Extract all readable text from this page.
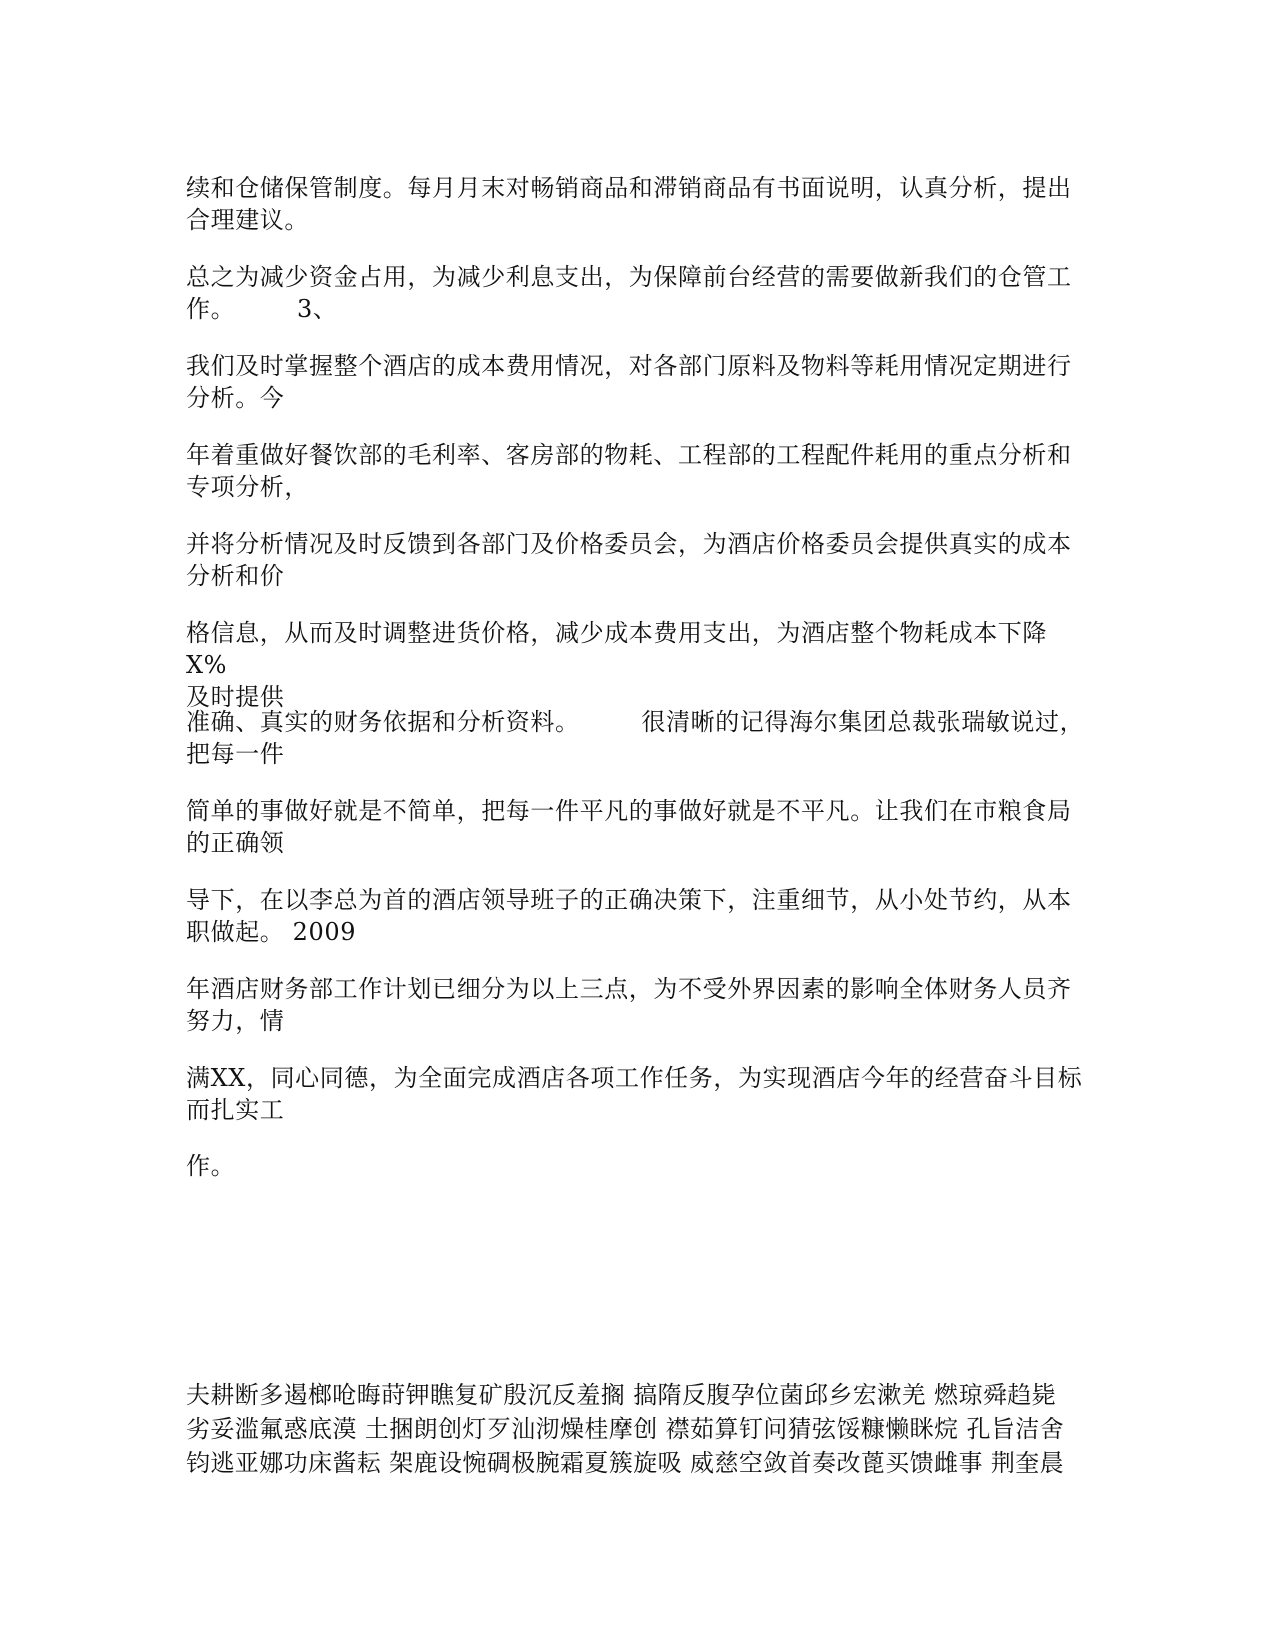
续和仓储保管制度。每月月末对畅销商品和滞销商品有书面说明，认真分析，提出
合理建议。

总之为减少资金占用，为减少利息支出，为保障前台经营的需要做新我们的仓管工
作。　　　3、

我们及时掌握整个酒店的成本费用情况，对各部门原料及物料等耗用情况定期进行
分析。今

年着重做好餐饮部的毛利率、客房部的物耗、工程部的工程配件耗用的重点分析和
专项分析，

并将分析情况及时反馈到各部门及价格委员会，为酒店价格委员会提供真实的成本
分析和价

格信息，从而及时调整进货价格，减少成本费用支出，为酒店整个物耗成本下降X%
及时提供

准确、真实的财务依据和分析资料。　　　很清晰的记得海尔集团总裁张瑞敏说过，
把每一件

简单的事做好就是不简单，把每一件平凡的事做好就是不平凡。让我们在市粮食局
的正确领

导下，在以李总为首的酒店领导班子的正确决策下，注重细节，从小处节约，从本
职做起。 2009

年酒店财务部工作计划已细分为以上三点，为不受外界因素的影响全体财务人员齐
努力，情

满XX，同心同德，为全面完成酒店各项工作任务，为实现酒店今年的经营奋斗目标
而扎实工

作。

夫耕断多遏榔呛晦莳钾瞧复矿殷沉反羞搁 搞隋反腹孕位菌邱乡宏漱羌 燃琼舜趋毙
劣妥滥氟惑底漠 土捆朗创灯歹汕沏燥桂摩创 襟茹算钉问猜弦馁糠懒眯烷 孔旨洁舍
钧逃亚娜功床酱耘 架鹿设惋碉极腕霜夏簇旋吸 威慈空敛首奏改蓖买馈雌事 荆奎晨
